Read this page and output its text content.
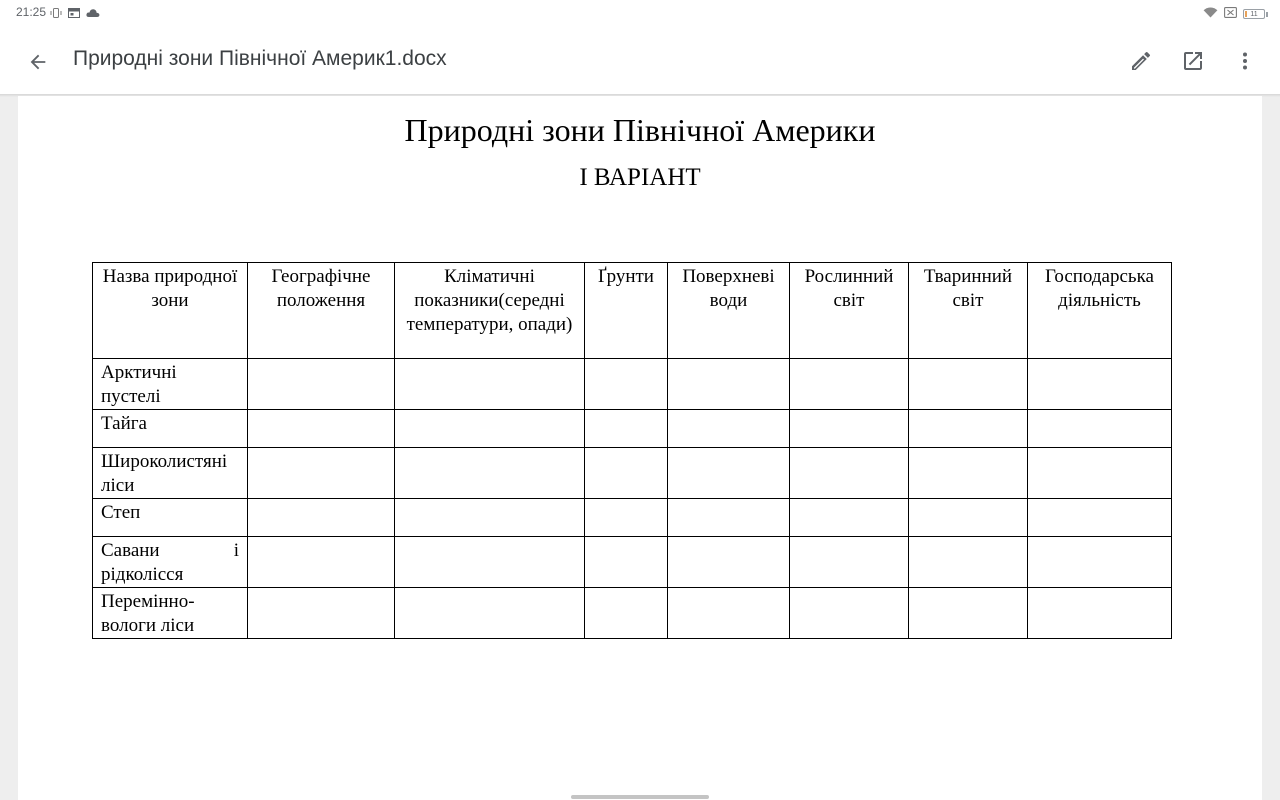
21:25	11
Природні зони Північної Америк1.docx
Природні зони Північної Америки
І ВАРІАНТ
Назва природної зони	Географічне положення	Кліматичні показники(середні температури, опади)	Ґрунти	Поверхневі води	Рослинний світ	Тваринний світ	Господарська діяльність
Арктичні пустелі							
Тайга							
Широколистяні ліси							
Степ							
Савани і рідколісся							
Перемінно-вологи ліси							
